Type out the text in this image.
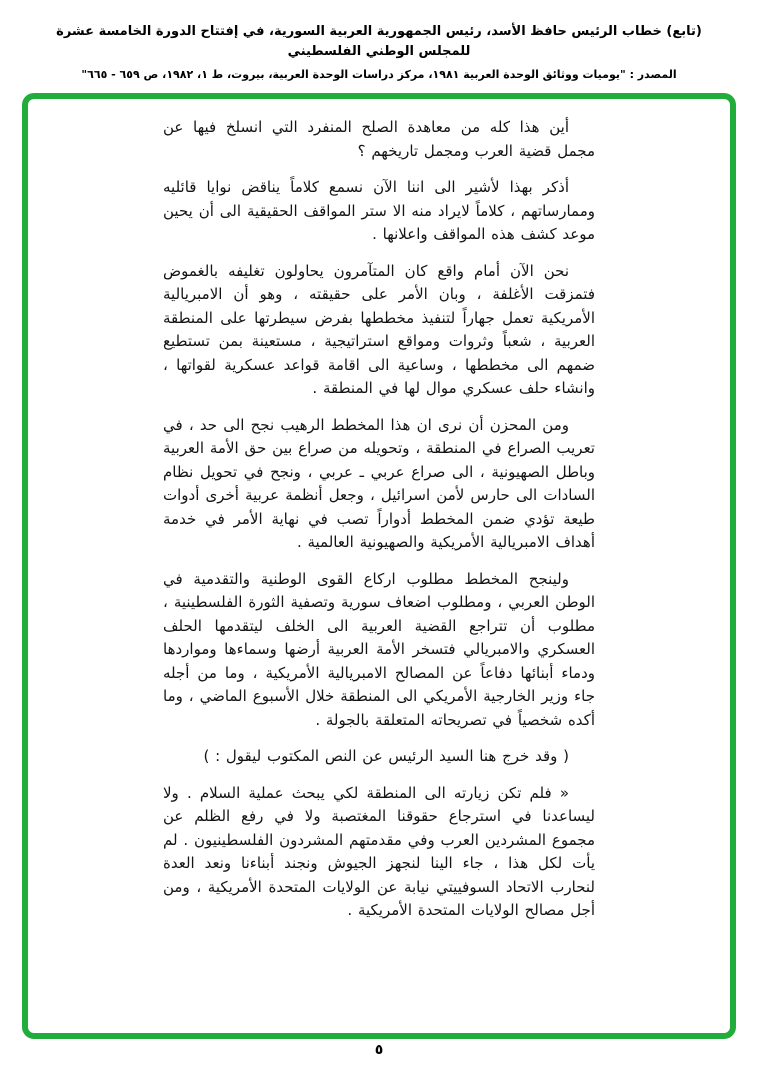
(تابع) خطاب الرئيس حافظ الأسد، رئيس الجمهورية العربية السورية، في إفتتاح الدورة الخامسة عشرة للمجلس الوطني الفلسطيني
المصدر : "يوميات ووثائق الوحدة العربية ١٩٨١، مركز دراسات الوحدة العربية، بيروت، ط ١، ١٩٨٢، ص ٦٥٩ - ٦٦٥"

أين هذا كله من معاهدة الصلح المنفرد التي انسلخ فيها عن مجمل قضية العرب ومجمل تاريخهم ؟

أذكر بهذا لأشير الى اننا الآن نسمع كلاماً يناقض نوايا قائليه وممارساتهم ، كلاماً لايراد منه الا ستر المواقف الحقيقية الى أن يحين موعد كشف هذه المواقف واعلانها .

نحن الآن أمام واقع كان المتآمرون يحاولون تغليفه بالغموض فتمزقت الأغلفة ، وبان الأمر على حقيقته ، وهو أن الامبريالية الأمريكية تعمل جهاراً لتنفيذ مخططها بفرض سيطرتها على المنطقة العربية ، شعباً وثروات ومواقع استراتيجية ، مستعينة بمن تستطيع ضمهم الى مخططها ، وساعية الى اقامة قواعد عسكرية لقواتها ، وانشاء حلف عسكري موال لها في المنطقة .

ومن المحزن أن نرى ان هذا المخطط الرهيب نجح الى حد ، في تعريب الصراع في المنطقة ، وتحويله من صراع بين حق الأمة العربية وباطل الصهيونية ، الى صراع عربي ـ عربي ، ونجح في تحويل نظام السادات الى حارس لأمن اسرائيل ، وجعل أنظمة عربية أخرى أدوات طيعة تؤدي ضمن المخطط أدواراً تصب في نهاية الأمر في خدمة أهداف الامبريالية الأمريكية والصهيونية العالمية .

ولينجح المخطط مطلوب اركاع القوى الوطنية والتقدمية في الوطن العربي ، ومطلوب اضعاف سورية وتصفية الثورة الفلسطينية ، مطلوب أن تتراجع القضية العربية الى الخلف ليتقدمها الحلف العسكري والامبريالي فتسخر الأمة العربية أرضها وسماءها ومواردها ودماء أبنائها دفاعاً عن المصالح الامبريالية الأمريكية ، وما من أجله جاء وزير الخارجية الأمريكي الى المنطقة خلال الأسبوع الماضي ، وما أكده شخصياً في تصريحاته المتعلقة بالجولة .

( وقد خرج هنا السيد الرئيس عن النص المكتوب ليقول : )

« فلم تكن زيارته الى المنطقة لكي يبحث عملية السلام . ولا ليساعدنا في استرجاع حقوقنا المغتصبة ولا في رفع الظلم عن مجموع المشردين العرب وفي مقدمتهم المشردون الفلسطينيون . لم يأت لكل هذا ، جاء الينا لنجهز الجيوش ونجند أبناءنا ونعد العدة لنحارب الاتحاد السوفييتي نيابة عن الولايات المتحدة الأمريكية ، ومن أجل مصالح الولايات المتحدة الأمريكية .

٥
